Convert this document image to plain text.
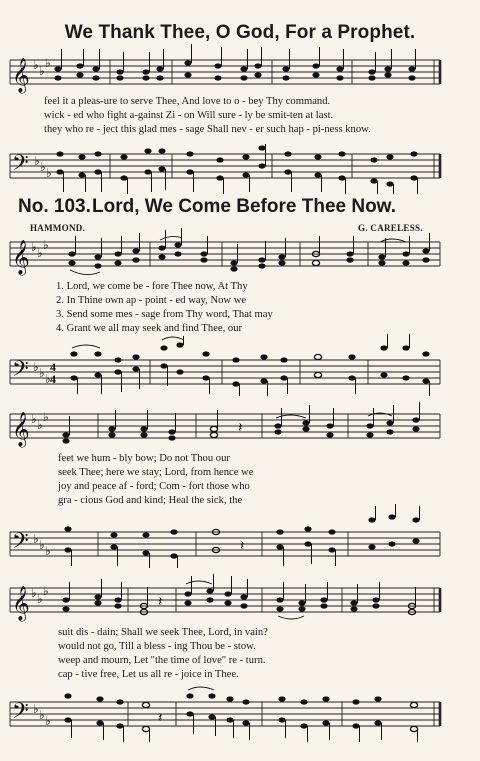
We Thank Thee, O God, For a Prophet.
𝄞 ♭ ♭
♭
feel it a pleas-ure to serve Thee, And love to o - bey Thy command.
wick - ed who fight a-gainst Zi - on Will sure - ly be smit-ten at last.
they who re - ject this glad mes - sage Shall nev - er such hap - pi-ness know.
𝄢 ♭ ♭ ♭
No. 103. Lord, We Come Before Thee Now.
HAMMOND.	G. CARELESS.
𝄞 ♭ ♭
♭
1. Lord, we come be - fore Thee now, At Thy
2. In Thine own ap - point - ed way, Now we
3. Send some mes - sage from Thy word, That may
4. Grant we all may seek and find Thee, our
𝄢 ♭ ♭ ♭
4
4
𝄞 ♭ ♭
♭
𝄽
feet we hum - bly bow; Do not Thou our
seek Thee; here we stay; Lord, from hence we
joy and peace af - ford; Com - fort those who
gra - cious God and kind; Heal the sick, the
𝄢 ♭ ♭ ♭	𝄽
𝄞 ♭ ♭
♭
𝄽
suit dis - dain; Shall we seek Thee, Lord, in vain?
would not go, Till a bless - ing Thou be - stow.
weep and mourn, Let "the time of love" re - turn.
cap - tive free, Let us all re - joice in Thee.
𝄢 ♭ ♭ ♭	𝄽
